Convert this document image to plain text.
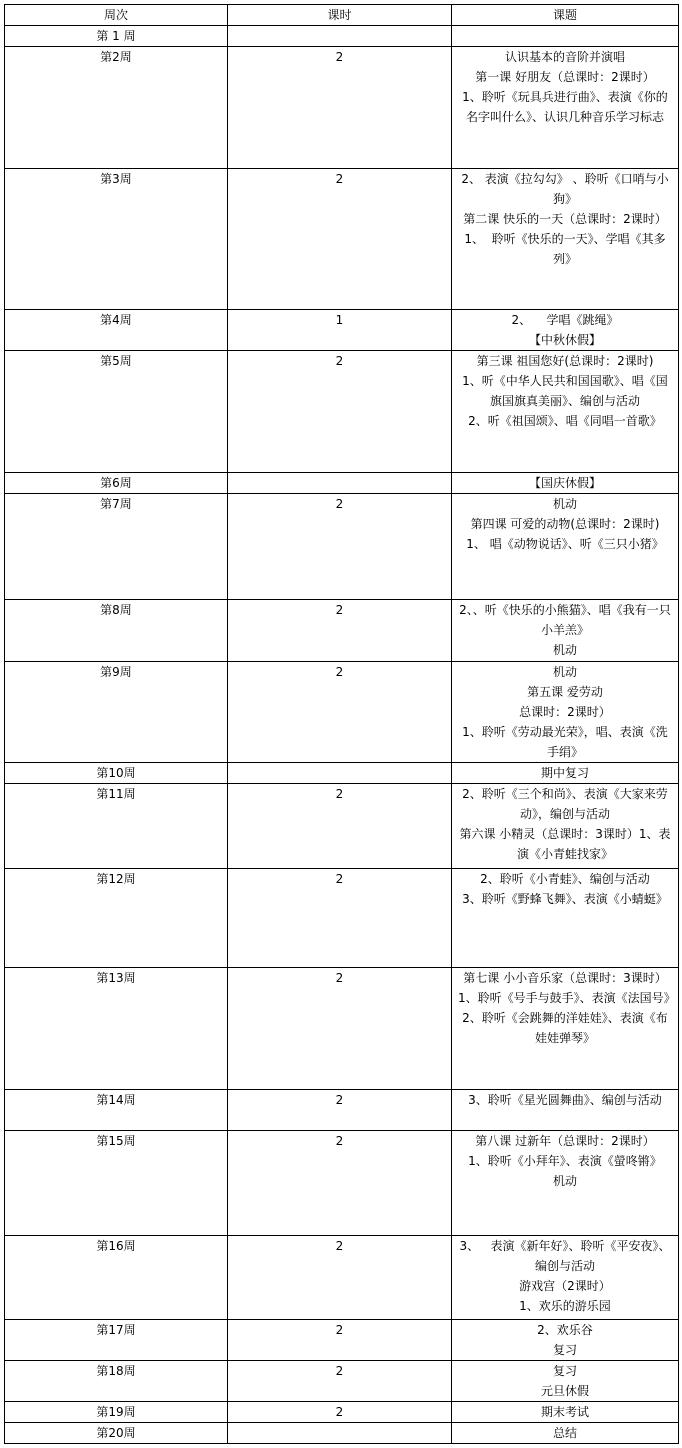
周次	课时	课题
第 1 周		
第2周	2	认识基本的音阶并演唱
第一课 好朋友（总课时：2课时）
1、聆听《玩具兵进行曲》、表演《你的名字叫什么》、认识几种音乐学习标志

第3周	2	2、 表演《拉勾勾》 、聆听《口哨与小狗》
第二课 快乐的一天（总课时：2课时）
1、  聆听《快乐的一天》、学唱《其多列》

第4周	1	2、    学唱《跳绳》
【中秋休假】

第5周	2	第三课 祖国您好(总课时：2课时)
1、听《中华人民共和国国歌》、唱《国旗国旗真美丽》、编创与活动
2、听《祖国颂》、唱《同唱一首歌》

第6周		【国庆休假】

第7周	2	机动
第四课 可爱的动物(总课时：2课时)
1、 唱《动物说话》、听《三只小猪》

第8周	2	2、、听《快乐的小熊猫》、唱《我有一只小羊羔》
机动

第9周	2	机动
第五课 爱劳动
总课时：2课时）
1、聆听《劳动最光荣》，唱、表演《洗手绢》

第10周		期中复习

第11周	2	2、聆听《三个和尚》、表演《大家来劳动》，编创与活动
第六课 小精灵（总课时：3课时）1、表演《小青蛙找家》

第12周	2	2、聆听《小青蛙》、编创与活动
3、聆听《野蜂飞舞》、表演《小蜻蜓》

第13周	2	第七课 小小音乐家（总课时：3课时）
1、聆听《号手与鼓手》、表演《法国号》
2、聆听《会跳舞的洋娃娃》、表演《布娃娃弹琴》

第14周	2	3、聆听《星光圆舞曲》、编创与活动

第15周	2	第八课 过新年（总课时：2课时）
1、聆听《小拜年》、表演《螢咚锵》
机动

第16周	2	3、   表演《新年好》、聆听《平安夜》、编创与活动
游戏宫（2课时）
1、欢乐的游乐园

第17周	2	2、欢乐谷
复习

第18周	2	复习
元旦休假

第19周	2	期末考试

第20周		总结
